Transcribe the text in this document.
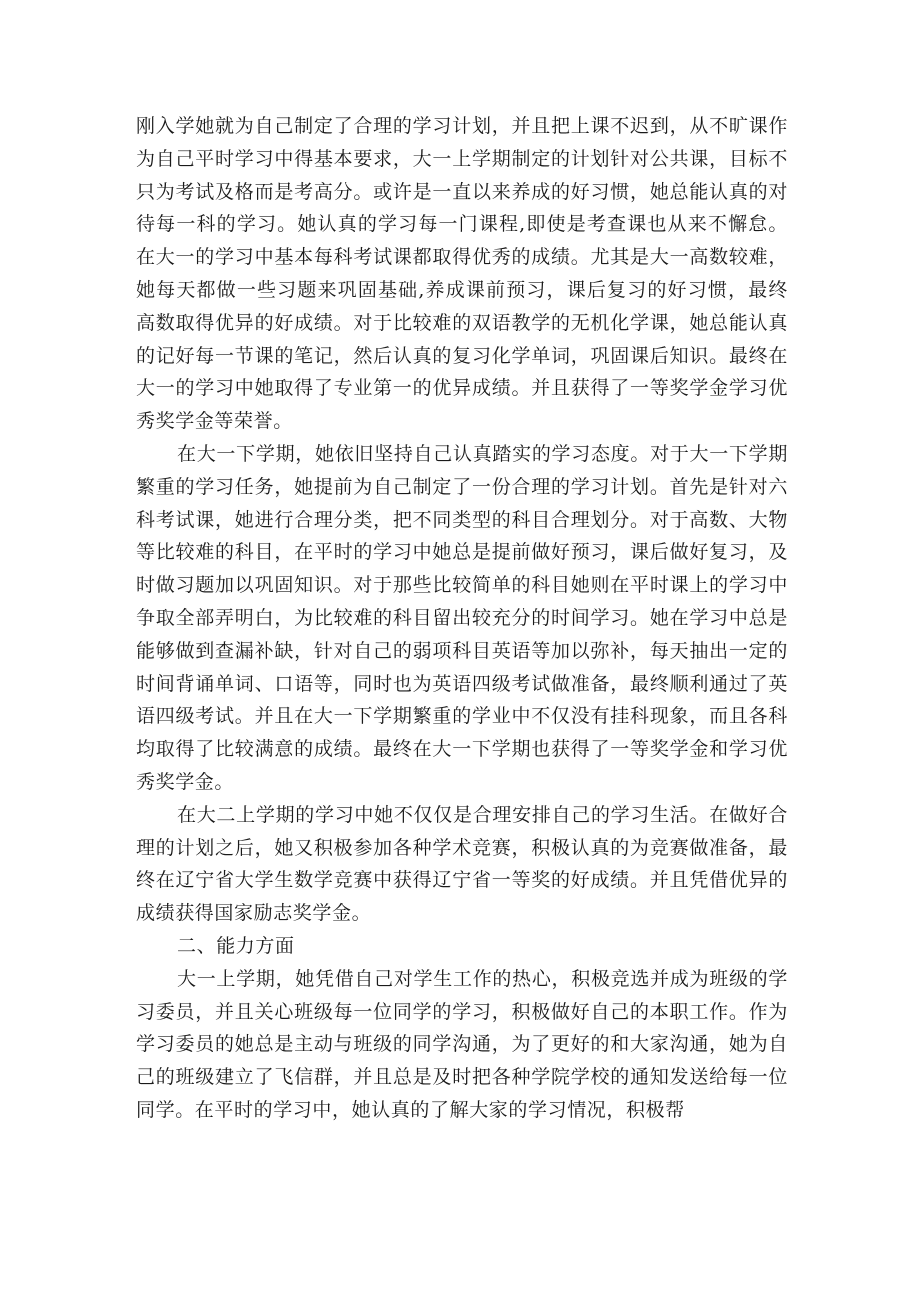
刚入学她就为自己制定了合理的学习计划，并且把上课不迟到，从不旷课作为自己平时学习中得基本要求，大一上学期制定的计划针对公共课，目标不只为考试及格而是考高分。或许是一直以来养成的好习惯，她总能认真的对待每一科的学习。她认真的学习每一门课程,即使是考查课也从来不懈怠。在大一的学习中基本每科考试课都取得优秀的成绩。尤其是大一高数较难，她每天都做一些习题来巩固基础,养成课前预习，课后复习的好习惯，最终高数取得优异的好成绩。对于比较难的双语教学的无机化学课，她总能认真的记好每一节课的笔记，然后认真的复习化学单词，巩固课后知识。最终在大一的学习中她取得了专业第一的优异成绩。并且获得了一等奖学金学习优秀奖学金等荣誉。

在大一下学期，她依旧坚持自己认真踏实的学习态度。对于大一下学期繁重的学习任务，她提前为自己制定了一份合理的学习计划。首先是针对六科考试课，她进行合理分类，把不同类型的科目合理划分。对于高数、大物等比较难的科目，在平时的学习中她总是提前做好预习，课后做好复习，及时做习题加以巩固知识。对于那些比较简单的科目她则在平时课上的学习中争取全部弄明白，为比较难的科目留出较充分的时间学习。她在学习中总是能够做到查漏补缺，针对自己的弱项科目英语等加以弥补，每天抽出一定的时间背诵单词、口语等，同时也为英语四级考试做准备，最终顺利通过了英语四级考试。并且在大一下学期繁重的学业中不仅没有挂科现象，而且各科均取得了比较满意的成绩。最终在大一下学期也获得了一等奖学金和学习优秀奖学金。

在大二上学期的学习中她不仅仅是合理安排自己的学习生活。在做好合理的计划之后，她又积极参加各种学术竞赛，积极认真的为竞赛做准备，最终在辽宁省大学生数学竞赛中获得辽宁省一等奖的好成绩。并且凭借优异的成绩获得国家励志奖学金。

二、能力方面

大一上学期，她凭借自己对学生工作的热心，积极竞选并成为班级的学习委员，并且关心班级每一位同学的学习，积极做好自己的本职工作。作为学习委员的她总是主动与班级的同学沟通，为了更好的和大家沟通，她为自己的班级建立了飞信群，并且总是及时把各种学院学校的通知发送给每一位同学。在平时的学习中，她认真的了解大家的学习情况，积极帮
